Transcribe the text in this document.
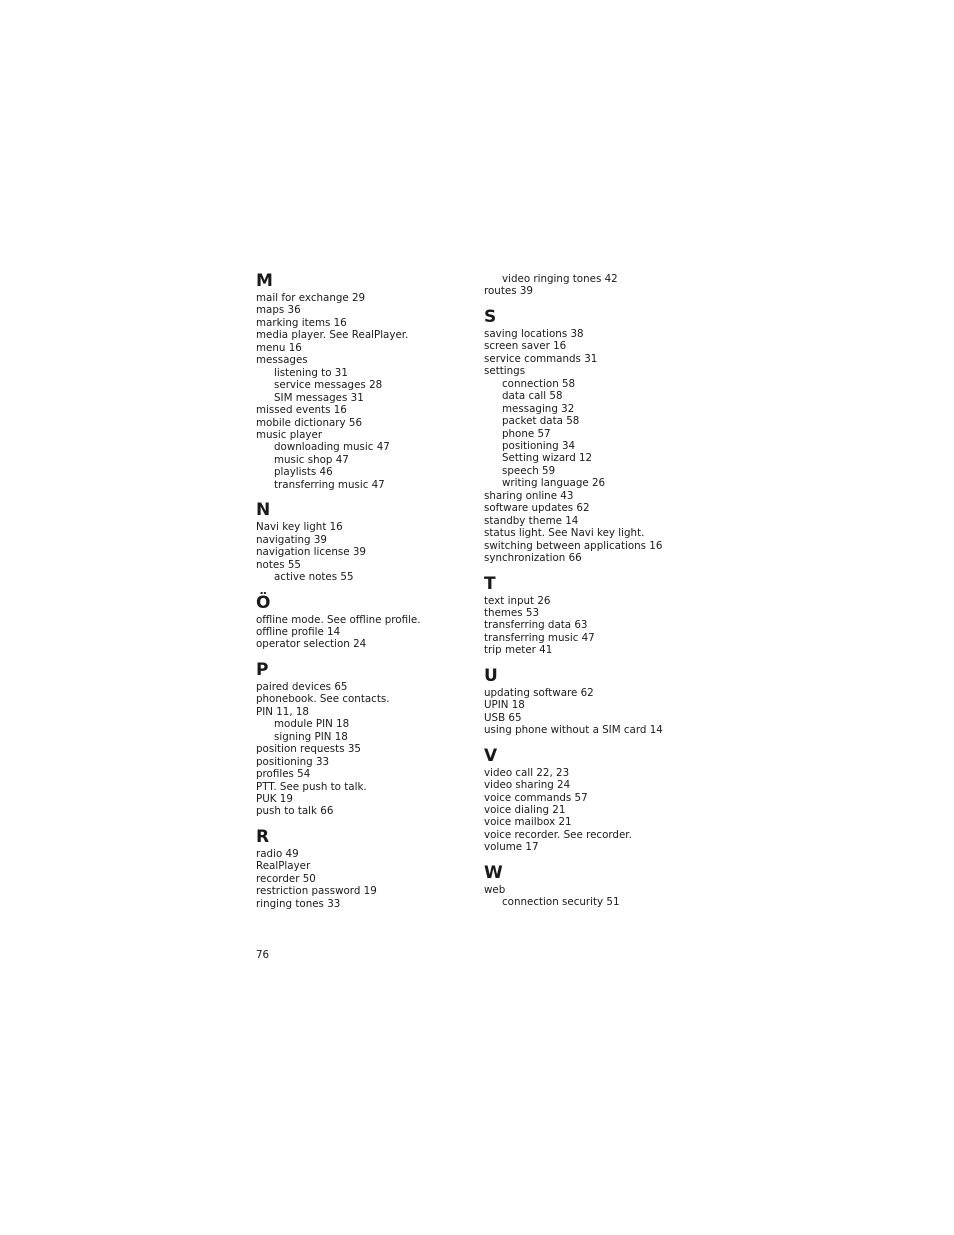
M
mail for exchange 29
maps 36
marking items 16
media player. See RealPlayer.
menu 16
messages
listening to 31
service messages 28
SIM messages 31
missed events 16
mobile dictionary 56
music player
downloading music 47
music shop 47
playlists 46
transferring music 47
N
Navi key light 16
navigating 39
navigation license 39
notes 55
active notes 55
Ö
offline mode. See offline profile.
offline profile 14
operator selection 24
P
paired devices 65
phonebook. See contacts.
PIN 11, 18
module PIN 18
signing PIN 18
position requests 35
positioning 33
profiles 54
PTT. See push to talk.
PUK 19
push to talk 66
R
radio 49
RealPlayer
recorder 50
restriction password 19
ringing tones 33
video ringing tones 42
routes 39
S
saving locations 38
screen saver 16
service commands 31
settings
connection 58
data call 58
messaging 32
packet data 58
phone 57
positioning 34
Setting wizard 12
speech 59
writing language 26
sharing online 43
software updates 62
standby theme 14
status light. See Navi key light.
switching between applications 16
synchronization 66
T
text input 26
themes 53
transferring data 63
transferring music 47
trip meter 41
U
updating software 62
UPIN 18
USB 65
using phone without a SIM card 14
V
video call 22, 23
video sharing 24
voice commands 57
voice dialing 21
voice mailbox 21
voice recorder. See recorder.
volume 17
W
web
connection security 51
76
